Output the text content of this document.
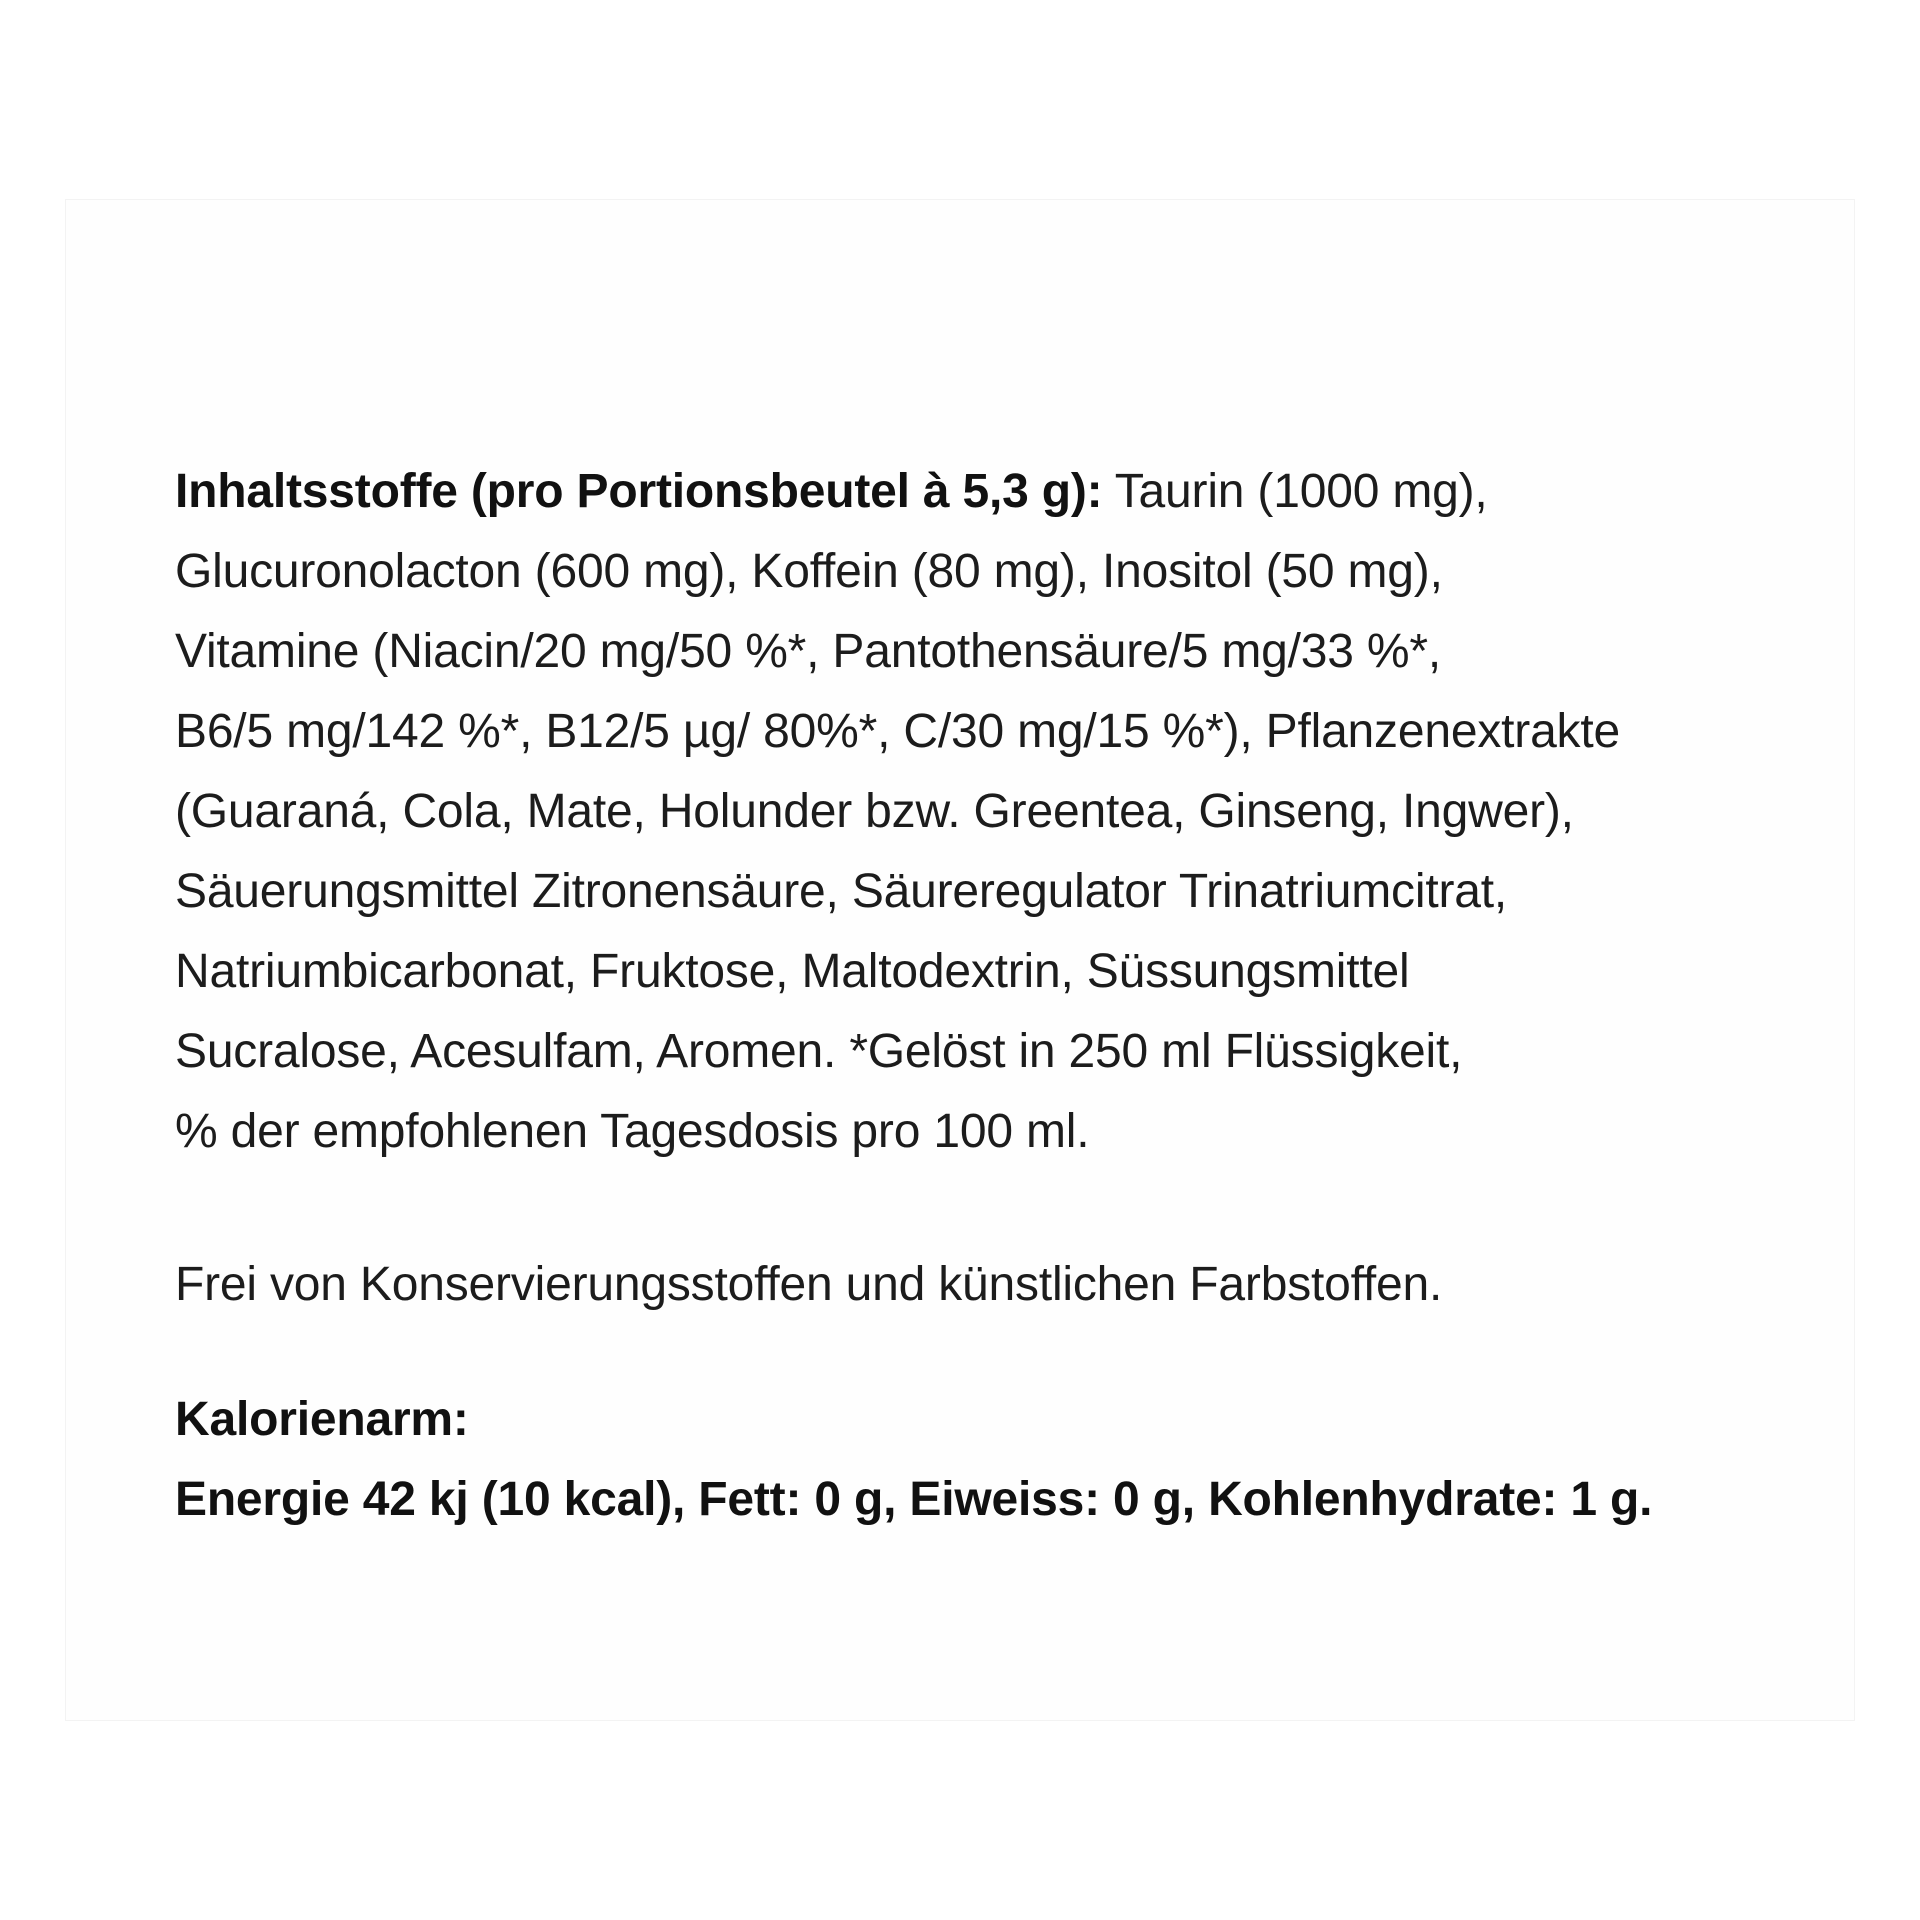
Inhaltsstoffe (pro Portionsbeutel à 5,3 g): Taurin (1000 mg),

Glucuronolacton (600 mg), Koffein (80 mg), Inositol (50 mg),

Vitamine (Niacin/20 mg/50 %*, Pantothensäure/5 mg/33 %*,

B6/5 mg/142 %*, B12/5 µg/ 80%*, C/30 mg/15 %*), Pflanzenextrakte

(Guaraná, Cola, Mate, Holunder bzw. Greentea, Ginseng, Ingwer),

Säuerungsmittel Zitronensäure, Säureregulator Trinatriumcitrat,

Natriumbicarbonat, Fruktose, Maltodextrin, Süssungsmittel

Sucralose, Acesulfam, Aromen. *Gelöst in 250 ml Flüssigkeit,

% der empfohlenen Tagesdosis pro 100 ml.

Frei von Konservierungsstoffen und künstlichen Farbstoffen.

Kalorienarm:

Energie 42 kj (10 kcal), Fett: 0 g, Eiweiss: 0 g, Kohlenhydrate: 1 g.
